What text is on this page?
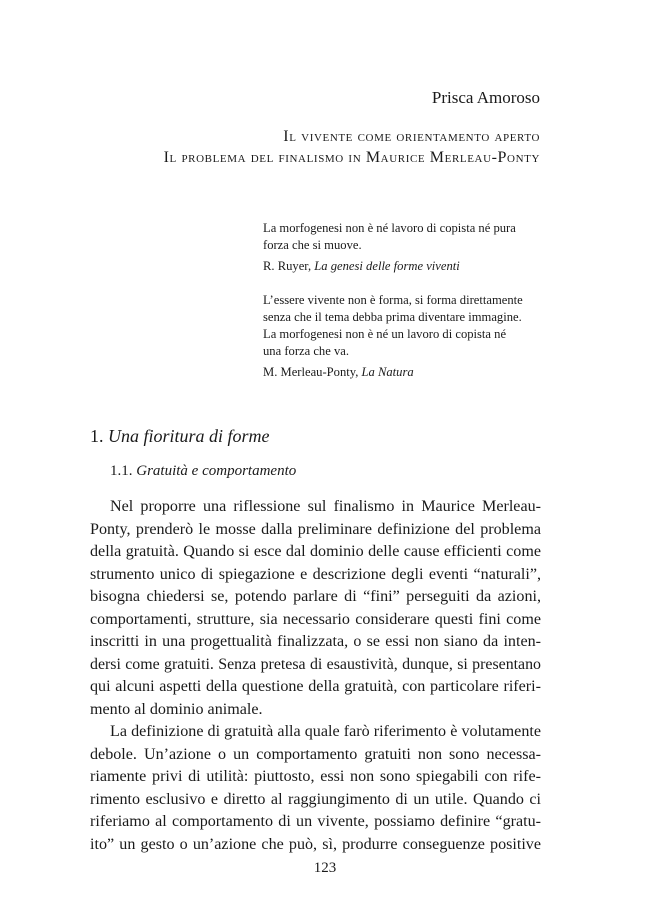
Prisca Amoroso
Il vivente come orientamento aperto
Il problema del finalismo in Maurice Merleau-Ponty

La morfogenesi non è né lavoro di copista né pura

forza che si muove.

R. Ruyer, La genesi delle forme viventi

L’essere vivente non è forma, si forma direttamente

senza che il tema debba prima diventare immagine.

La morfogenesi non è né un lavoro di copista né

una forza che va.

M. Merleau-Ponty, La Natura

1. Una fioritura di forme
1.1. Gratuità e comportamento
Nel proporre una riflessione sul finalismo in Maurice Merleau-
Ponty, prenderò le mosse dalla preliminare definizione del problema
della gratuità. Quando si esce dal dominio delle cause efficienti come
strumento unico di spiegazione e descrizione degli eventi “naturali”,
bisogna chiedersi se, potendo parlare di “fini” perseguiti da azioni,
comportamenti, strutture, sia necessario considerare questi fini come
inscritti in una progettualità finalizzata, o se essi non siano da inten-
dersi come gratuiti. Senza pretesa di esaustività, dunque, si presentano
qui alcuni aspetti della questione della gratuità, con particolare riferi-
mento al dominio animale.
La definizione di gratuità alla quale farò riferimento è volutamente
debole. Un’azione o un comportamento gratuiti non sono necessa-
riamente privi di utilità: piuttosto, essi non sono spiegabili con rife-
rimento esclusivo e diretto al raggiungimento di un utile. Quando ci
riferiamo al comportamento di un vivente, possiamo definire “gratu-
ito” un gesto o un’azione che può, sì, produrre conseguenze positive
123
